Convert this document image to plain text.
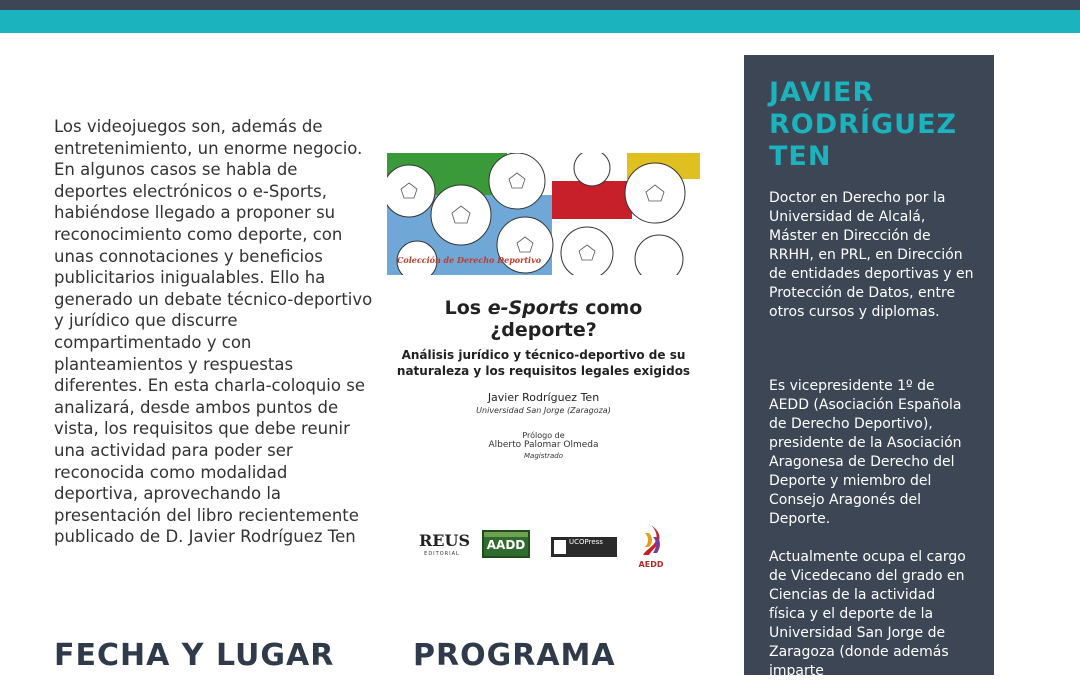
Los videojuegos son, además de entretenimiento, un enorme negocio. En algunos casos se habla de deportes electrónicos o e-Sports, habiéndose llegado a proponer su reconocimiento como deporte, con unas connotaciones y beneficios publicitarios inigualables. Ello ha generado un debate técnico-deportivo y jurídico que discurre compartimentado y con planteamientos y respuestas diferentes. En esta charla-coloquio se analizará, desde ambos puntos de vista, los requisitos que debe reunir una actividad para poder ser reconocida como modalidad deportiva, aprovechando la presentación del libro recientemente publicado de D. Javier Rodríguez Ten

Colección de Derecho Deportivo
Los e-Sports como
¿deporte?
Análisis jurídico y técnico-deportivo de su
naturaleza y los requisitos legales exigidos
Javier Rodríguez Ten
Universidad San Jorge (Zaragoza)
Prólogo de
Alberto Palomar Olmeda
Magistrado
REUS
EDITORIAL
AADD	UCOPress
AEDD
FECHA Y LUGAR	PROGRAMA
JAVIER RODRÍGUEZ TEN
Doctor en Derecho por la Universidad de Alcalá, Máster en Dirección de RRHH, en PRL, en Dirección de entidades deportivas y en Protección de Datos, entre otros cursos y diplomas.
Es vicepresidente 1º de AEDD (Asociación Española de Derecho Deportivo), presidente de la Asociación Aragonesa de Derecho del Deporte y miembro del Consejo Aragonés del Deporte.
Actualmente ocupa el cargo de Vicedecano del grado en Ciencias de la actividad física y el deporte de la Universidad San Jorge de Zaragoza (donde además imparte
